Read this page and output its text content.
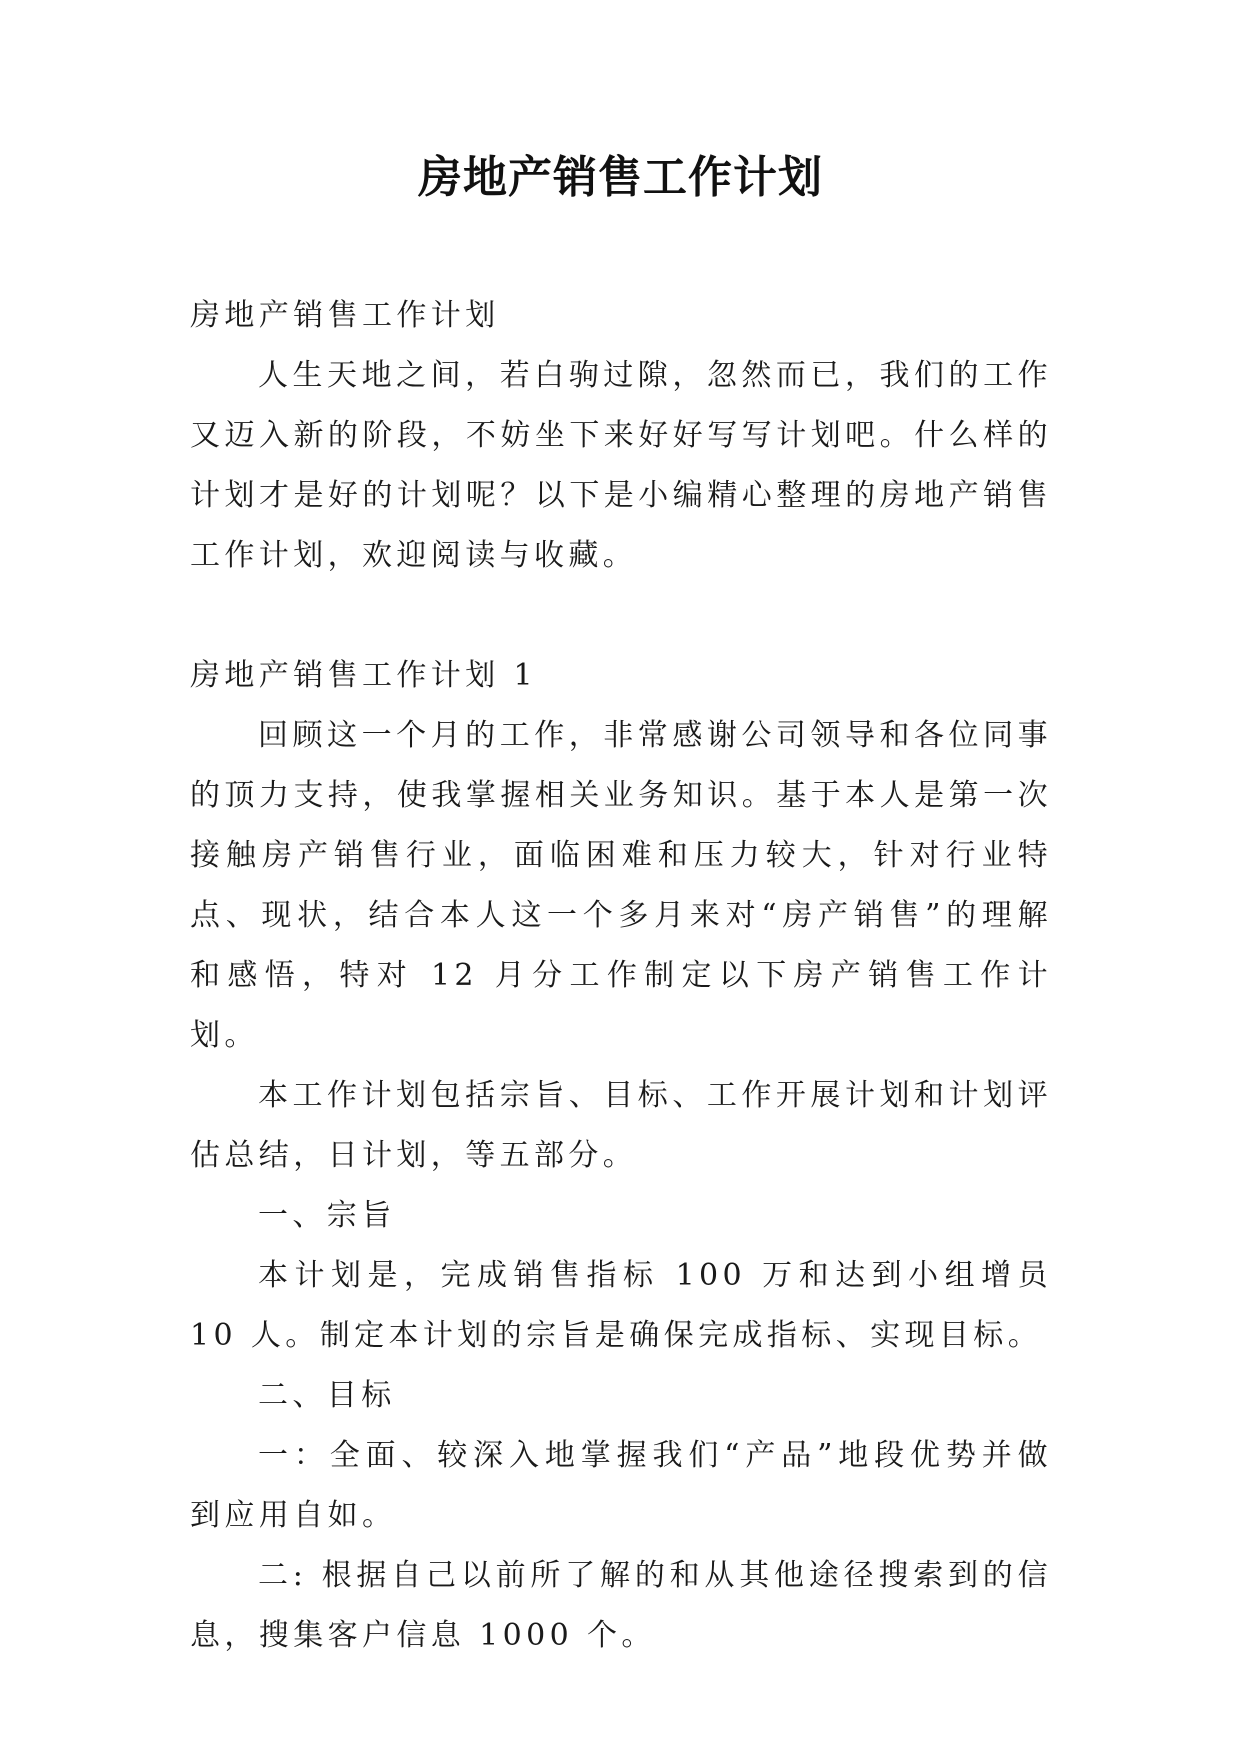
房地产销售工作计划

房地产销售工作计划

人生天地之间，若白驹过隙，忽然而已，我们的工作又迈入新的阶段，不妨坐下来好好写写计划吧。什么样的计划才是好的计划呢？以下是小编精心整理的房地产销售工作计划，欢迎阅读与收藏。

房地产销售工作计划 1

回顾这一个月的工作，非常感谢公司领导和各位同事的顶力支持，使我掌握相关业务知识。基于本人是第一次接触房产销售行业，面临困难和压力较大，针对行业特点、现状，结合本人这一个多月来对“房产销售”的理解和感悟，特对 12 月分工作制定以下房产销售工作计划。

本工作计划包括宗旨、目标、工作开展计划和计划评估总结，日计划，等五部分。

一、宗旨

本计划是，完成销售指标 100 万和达到小组增员 10 人。制定本计划的宗旨是确保完成指标、实现目标。

二、目标

一：全面、较深入地掌握我们“产品”地段优势并做到应用自如。

二: 根据自己以前所了解的和从其他途径搜索到的信息，搜集客户信息 1000 个。
